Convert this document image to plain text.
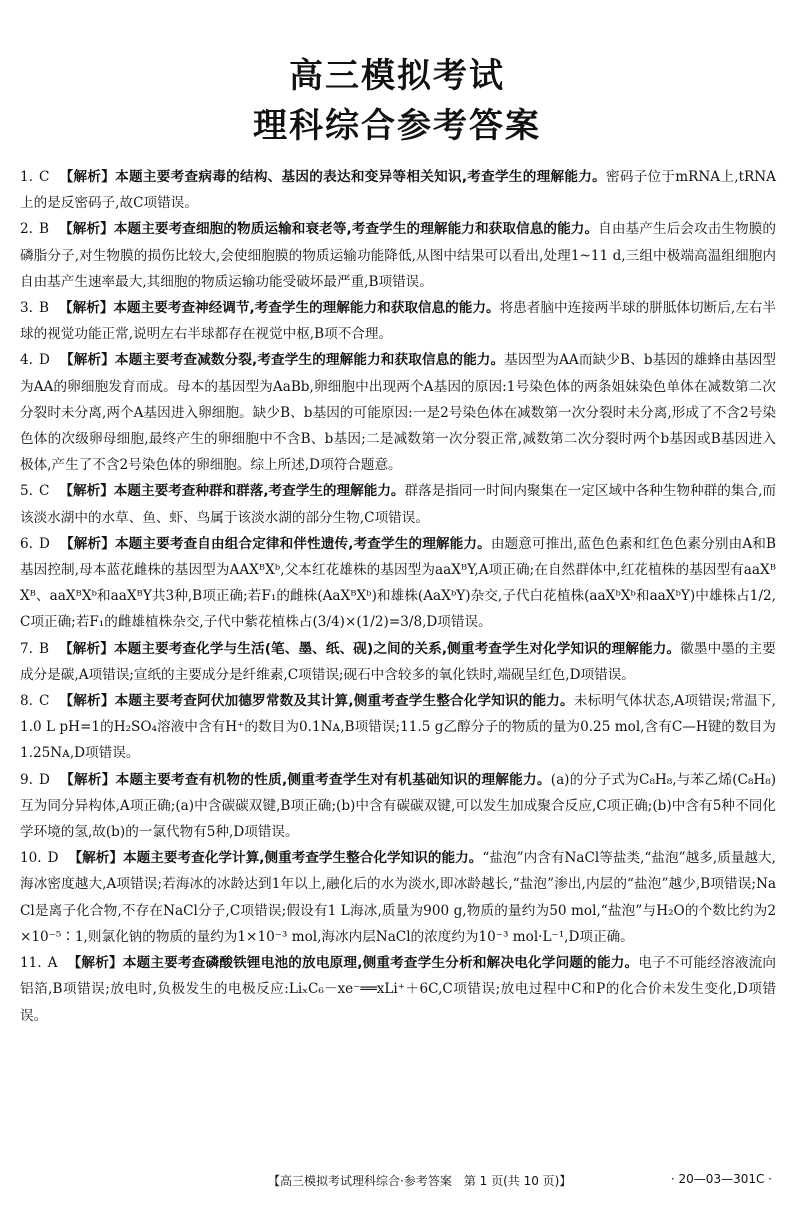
高三模拟考试
理科综合参考答案

1. C 【解析】本题主要考查病毒的结构、基因的表达和变异等相关知识,考查学生的理解能力。密码子位于mRNA上,tRNA上的是反密码子,故C项错误。

2. B 【解析】本题主要考查细胞的物质运输和衰老等,考查学生的理解能力和获取信息的能力。自由基产生后会攻击生物膜的磷脂分子,对生物膜的损伤比较大,会使细胞膜的物质运输功能降低,从图中结果可以看出,处理1~11 d,三组中极端高温组细胞内自由基产生速率最大,其细胞的物质运输功能受破坏最严重,B项错误。

3. B 【解析】本题主要考查神经调节,考查学生的理解能力和获取信息的能力。将患者脑中连接两半球的胼胝体切断后,左右半球的视觉功能正常,说明左右半球都存在视觉中枢,B项不合理。

4. D 【解析】本题主要考查减数分裂,考查学生的理解能力和获取信息的能力。基因型为AA而缺少B、b基因的雄蜂由基因型为AA的卵细胞发育而成。母本的基因型为AaBb,卵细胞中出现两个A基因的原因:1号染色体的两条姐妹染色单体在减数第二次分裂时未分离,两个A基因进入卵细胞。缺少B、b基因的可能原因:一是2号染色体在减数第一次分裂时未分离,形成了不含2号染色体的次级卵母细胞,最终产生的卵细胞中不含B、b基因;二是减数第一次分裂正常,减数第二次分裂时两个b基因或B基因进入极体,产生了不含2号染色体的卵细胞。综上所述,D项符合题意。

5. C 【解析】本题主要考查种群和群落,考查学生的理解能力。群落是指同一时间内聚集在一定区域中各种生物种群的集合,而该淡水湖中的水草、鱼、虾、鸟属于该淡水湖的部分生物,C项错误。

6. D 【解析】本题主要考查自由组合定律和伴性遗传,考查学生的理解能力。由题意可推出,蓝色色素和红色色素分别由A和B基因控制,母本蓝花雌株的基因型为AAXᴮXᵇ,父本红花雄株的基因型为aaXᴮY,A项正确;在自然群体中,红花植株的基因型有aaXᴮXᴮ、aaXᴮXᵇ和aaXᴮY共3种,B项正确;若F₁的雌株(AaXᴮXᵇ)和雄株(AaXᵇY)杂交,子代白花植株(aaXᵇXᵇ和aaXᵇY)中雄株占1/2,C项正确;若F₁的雌雄植株杂交,子代中紫花植株占(3/4)×(1/2)=3/8,D项错误。

7. B 【解析】本题主要考查化学与生活(笔、墨、纸、砚)之间的关系,侧重考查学生对化学知识的理解能力。徽墨中墨的主要成分是碳,A项错误;宣纸的主要成分是纤维素,C项错误;砚石中含较多的氧化铁时,端砚呈红色,D项错误。

8. C 【解析】本题主要考查阿伏加德罗常数及其计算,侧重考查学生整合化学知识的能力。未标明气体状态,A项错误;常温下,1.0 L pH=1的H₂SO₄溶液中含有H⁺的数目为0.1Nᴀ,B项错误;11.5 g乙醇分子的物质的量为0.25 mol,含有C—H键的数目为1.25Nᴀ,D项错误。

9. D 【解析】本题主要考查有机物的性质,侧重考查学生对有机基础知识的理解能力。(a)的分子式为C₈H₈,与苯乙烯(C₈H₈)互为同分异构体,A项正确;(a)中含碳碳双键,B项正确;(b)中含有碳碳双键,可以发生加成聚合反应,C项正确;(b)中含有5种不同化学环境的氢,故(b)的一氯代物有5种,D项错误。

10. D 【解析】本题主要考查化学计算,侧重考查学生整合化学知识的能力。“盐泡”内含有NaCl等盐类,“盐泡”越多,质量越大,海冰密度越大,A项错误;若海冰的冰龄达到1年以上,融化后的水为淡水,即冰龄越长,“盐泡”渗出,内层的“盐泡”越少,B项错误;NaCl是离子化合物,不存在NaCl分子,C项错误;假设有1 L海冰,质量为900 g,物质的量约为50 mol,“盐泡”与H₂O的个数比约为2×10⁻⁵∶1,则氯化钠的物质的量约为1×10⁻³ mol,海冰内层NaCl的浓度约为10⁻³ mol·L⁻¹,D项正确。

11. A 【解析】本题主要考查磷酸铁锂电池的放电原理,侧重考查学生分析和解决电化学问题的能力。电子不可能经溶液流向铝箔,B项错误;放电时,负极发生的电极反应:LiₓC₆－xe⁻══xLi⁺＋6C,C项错误;放电过程中C和P的化合价未发生变化,D项错误。

【高三模拟考试理科综合·参考答案　第 1 页(共 10 页)】	· 20—03—301C ·
